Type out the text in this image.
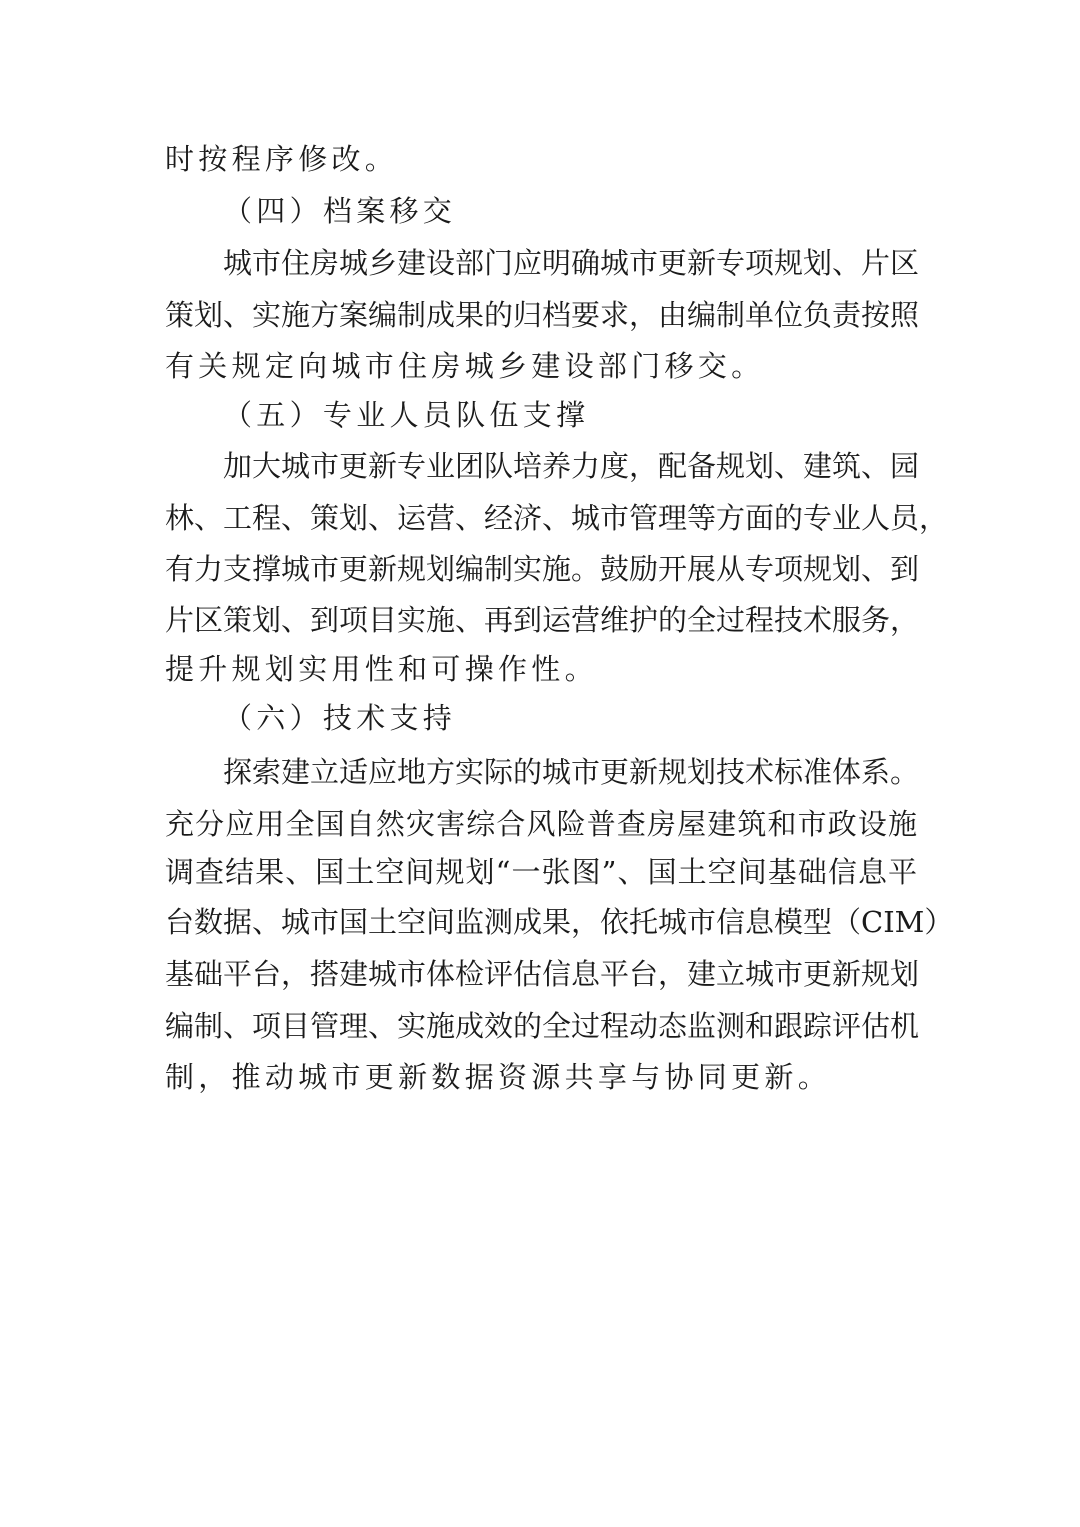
时按程序修改。
（四）档案移交
城市住房城乡建设部门应明确城市更新专项规划、片区
策划、实施方案编制成果的归档要求，由编制单位负责按照
有关规定向城市住房城乡建设部门移交。
（五）专业人员队伍支撑
加大城市更新专业团队培养力度，配备规划、建筑、园
林、工程、策划、运营、经济、城市管理等方面的专业人员，
有力支撑城市更新规划编制实施。鼓励开展从专项规划、到
片区策划、到项目实施、再到运营维护的全过程技术服务，
提升规划实用性和可操作性。
（六）技术支持
探索建立适应地方实际的城市更新规划技术标准体系。
充分应用全国自然灾害综合风险普查房屋建筑和市政设施
调查结果、国土空间规划“一张图”、国土空间基础信息平
台数据、城市国土空间监测成果，依托城市信息模型（CIM）
基础平台，搭建城市体检评估信息平台，建立城市更新规划
编制、项目管理、实施成效的全过程动态监测和跟踪评估机
制，推动城市更新数据资源共享与协同更新。
